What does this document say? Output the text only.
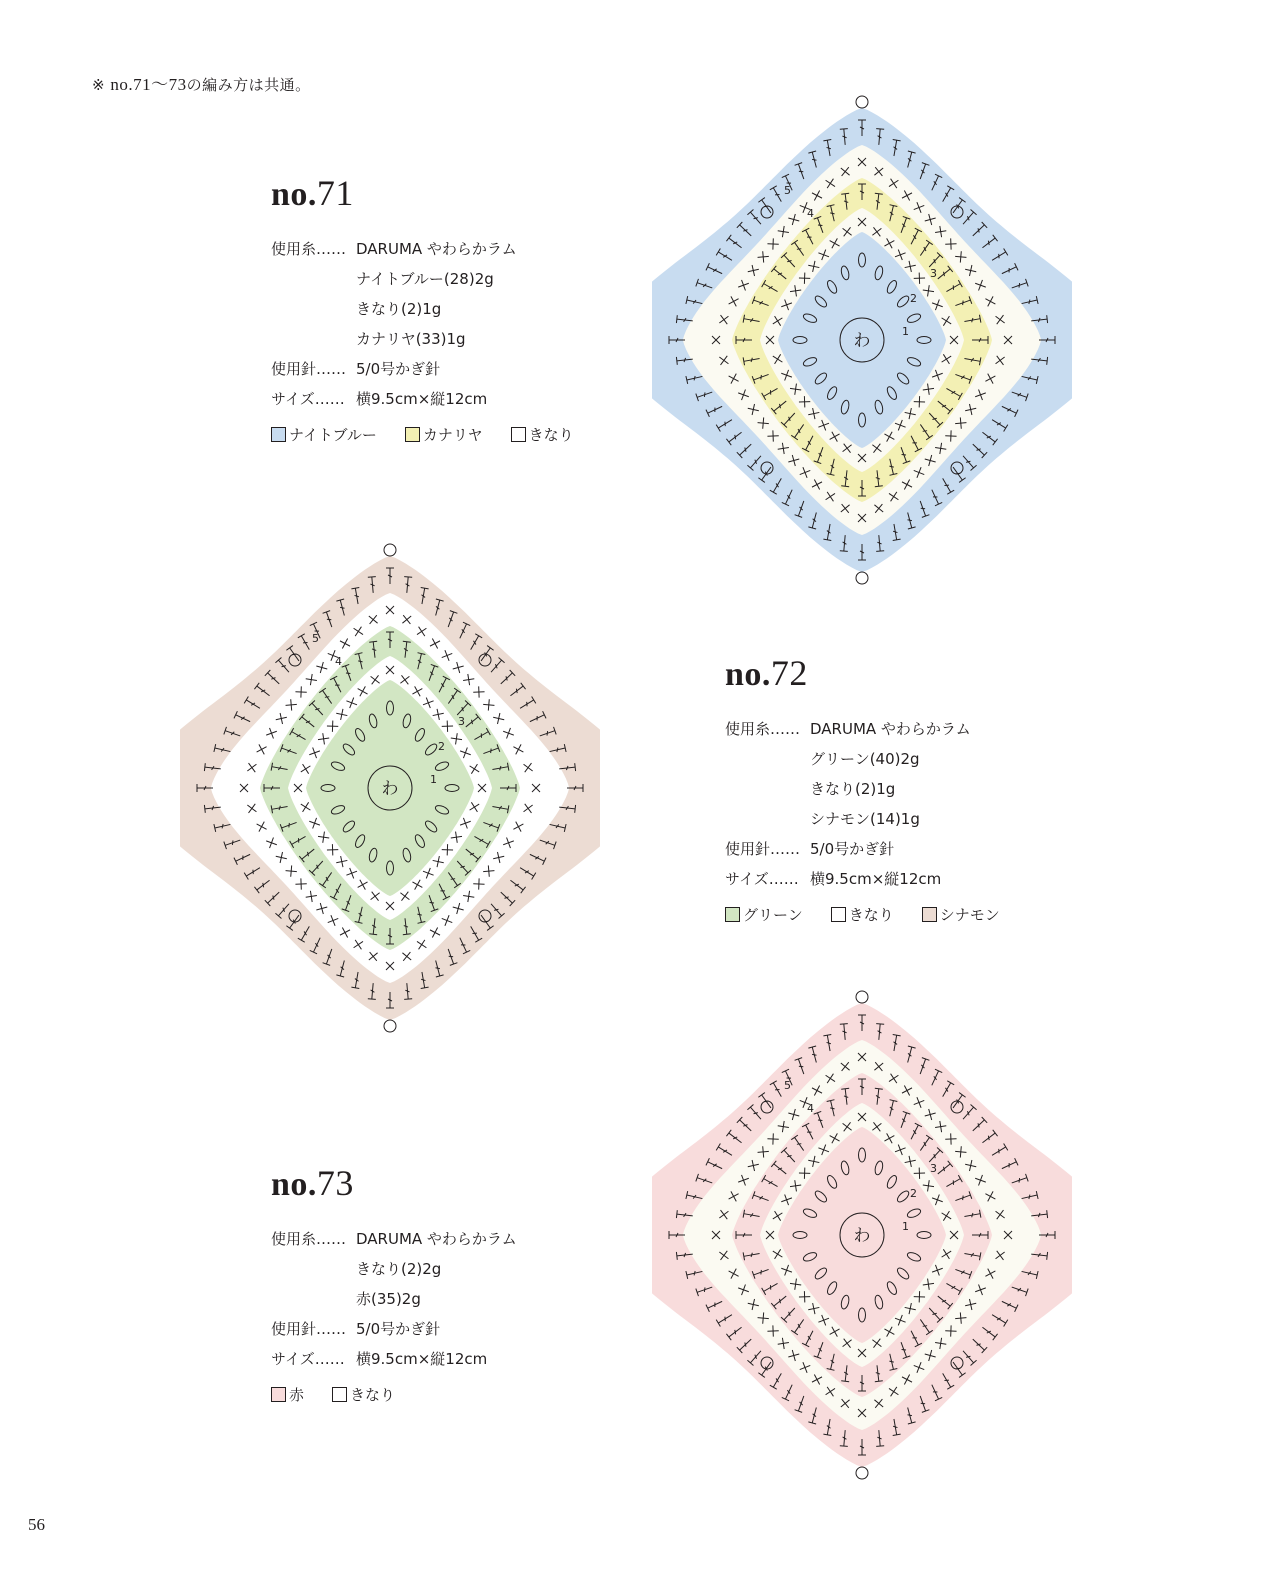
※ no.71～73の編み方は共通。
no.71
使用糸…… DARUMA やわらかラム
ナイトブルー(28)2g
きなり(2)1g
カナリヤ(33)1g
使用針…… 5/0号かぎ針
サイズ…… 横9.5cm×縦12cm
ナイトブルー	カナリヤ	きなり
no.72
使用糸…… DARUMA やわらかラム
グリーン(40)2g
きなり(2)1g
シナモン(14)1g
使用針…… 5/0号かぎ針
サイズ…… 横9.5cm×縦12cm
グリーン	きなり	シナモン
no.73
使用糸…… DARUMA やわらかラム
きなり(2)2g
赤(35)2g
使用針…… 5/0号かぎ針
サイズ…… 横9.5cm×縦12cm
赤	きなり
わ	1
2
3
4
5
わ	1
2
3
4
5
わ	1
2
3
4
5
56
